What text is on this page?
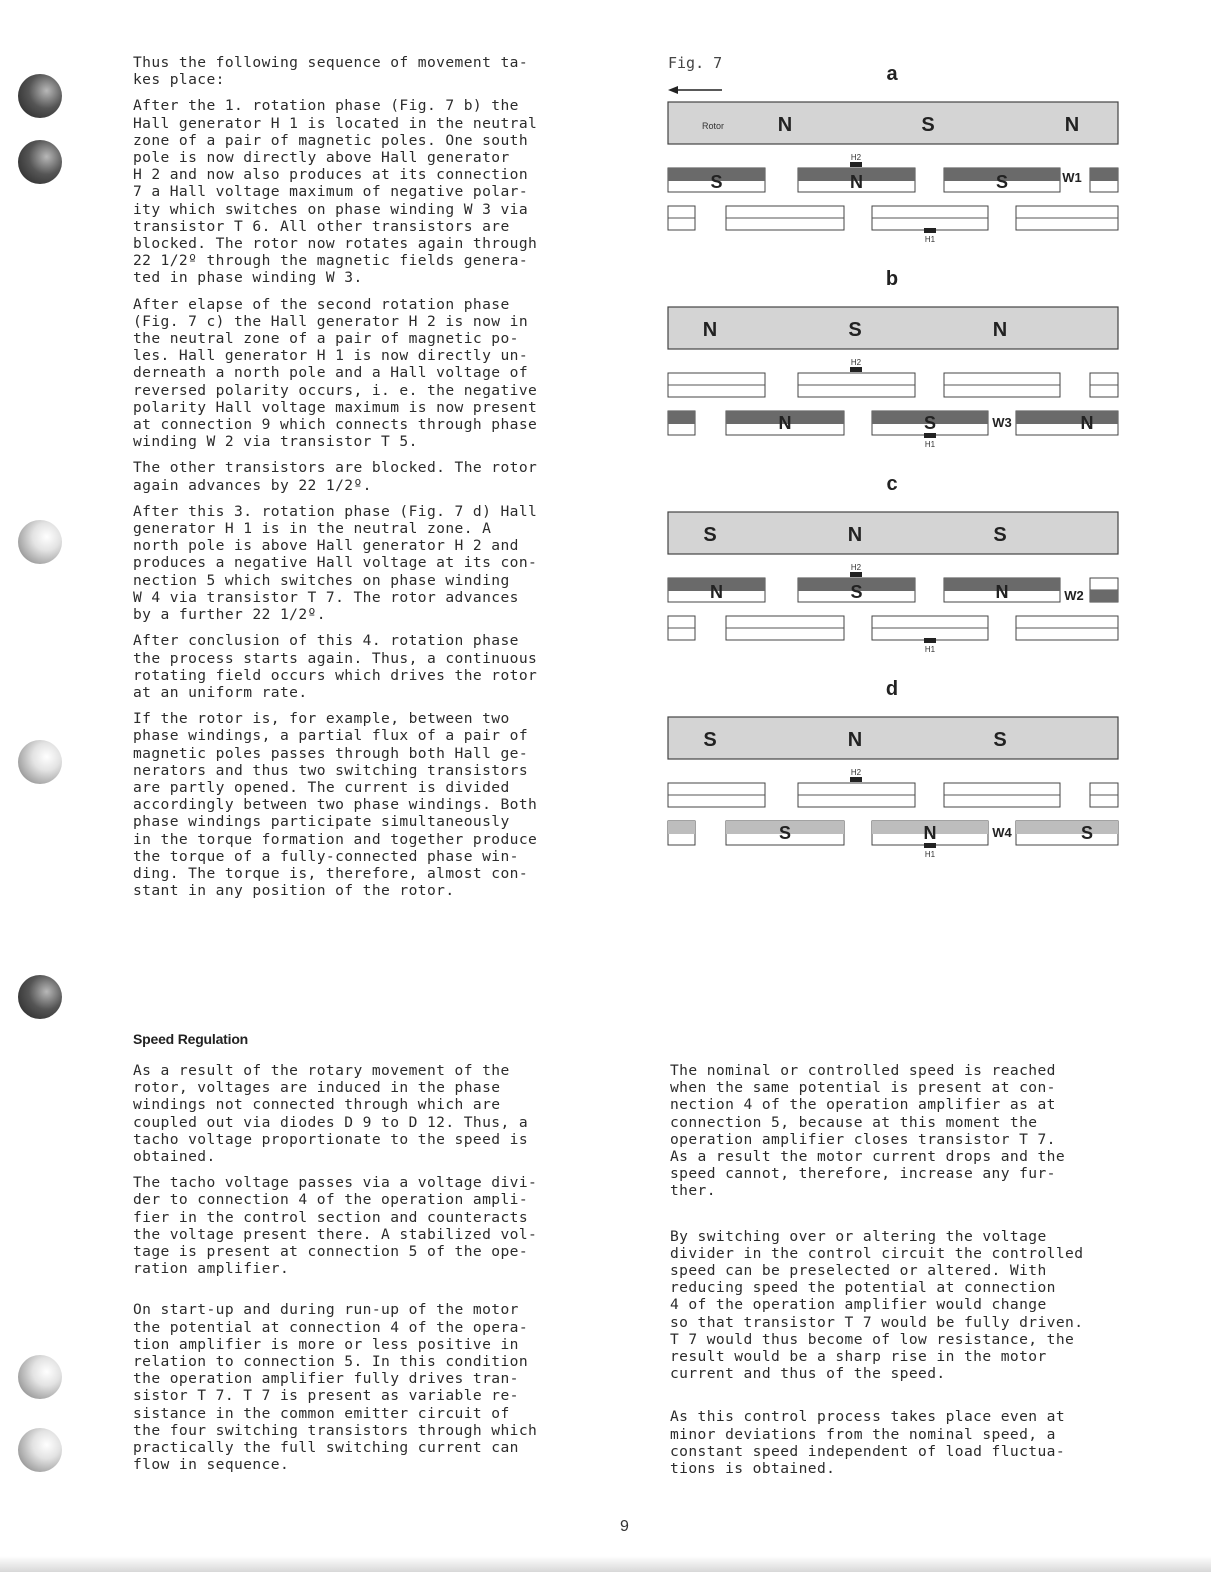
Thus the following sequence of movement ta-
kes place:

After the 1. rotation phase (Fig. 7 b) the
Hall generator H 1 is located in the neutral
zone of a pair of magnetic poles. One south
pole is now directly above Hall generator
H 2 and now also produces at its connection
7 a Hall voltage maximum of negative polar-
ity which switches on phase winding W 3 via
transistor T 6. All other transistors are
blocked. The rotor now rotates again through
22 1/2º through the magnetic fields genera-
ted in phase winding W 3.

After elapse of the second rotation phase
(Fig. 7 c) the Hall generator H 2 is now in
the neutral zone of a pair of magnetic po-
les. Hall generator H 1 is now directly un-
derneath a north pole and a Hall voltage of
reversed polarity occurs, i. e. the negative
polarity Hall voltage maximum is now present
at connection 9 which connects through phase
winding W 2 via transistor T 5.

The other transistors are blocked. The rotor
again advances by 22 1/2º.

After this 3. rotation phase (Fig. 7 d) Hall
generator H 1 is in the neutral zone. A
north pole is above Hall generator H 2 and
produces a negative Hall voltage at its con-
nection 5 which switches on phase winding
W 4 via transistor T 7. The rotor advances
by a further 22 1/2º.

After conclusion of this 4. rotation phase
the process starts again. Thus, a continuous
rotating field occurs which drives the rotor
at an uniform rate.

If the rotor is, for example, between two
phase windings, a partial flux of a pair of
magnetic poles passes through both Hall ge-
nerators and thus two switching transistors
are partly opened. The current is divided
accordingly between two phase windings. Both
phase windings participate simultaneously
in the torque formation and together produce
the torque of a fully-connected phase win-
ding. The torque is, therefore, almost con-
stant in any position of the rotor.

Fig. 7	a
Rotor	N	S	N
H2
S	N	S	W1
H1
b
N	S	N
H2
N	S	N
W3
H1
c
S	N	S
H2
N	S	N	W2
H1
d
S	N	S
H2
S	N	S
W4
H1
Speed Regulation

As a result of the rotary movement of the
rotor, voltages are induced in the phase
windings not connected through which are
coupled out via diodes D 9 to D 12. Thus, a
tacho voltage proportionate to the speed is
obtained.

The tacho voltage passes via a voltage divi-
der to connection 4 of the operation ampli-
fier in the control section and counteracts
the voltage present there. A stabilized vol-
tage is present at connection 5 of the ope-
ration amplifier.

On start-up and during run-up of the motor
the potential at connection 4 of the opera-
tion amplifier is more or less positive in
relation to connection 5. In this condition
the operation amplifier fully drives tran-
sistor T 7. T 7 is present as variable re-
sistance in the common emitter circuit of
the four switching transistors through which
practically the full switching current can
flow in sequence.

The nominal or controlled speed is reached
when the same potential is present at con-
nection 4 of the operation amplifier as at
connection 5, because at this moment the
operation amplifier closes transistor T 7.
As a result the motor current drops and the
speed cannot, therefore, increase any fur-
ther.

By switching over or altering the voltage
divider in the control circuit the controlled
speed can be preselected or altered. With
reducing speed the potential at connection
4 of the operation amplifier would change
so that transistor T 7 would be fully driven.
T 7 would thus become of low resistance, the
result would be a sharp rise in the motor
current and thus of the speed.

As this control process takes place even at
minor deviations from the nominal speed, a
constant speed independent of load fluctua-
tions is obtained.

9
